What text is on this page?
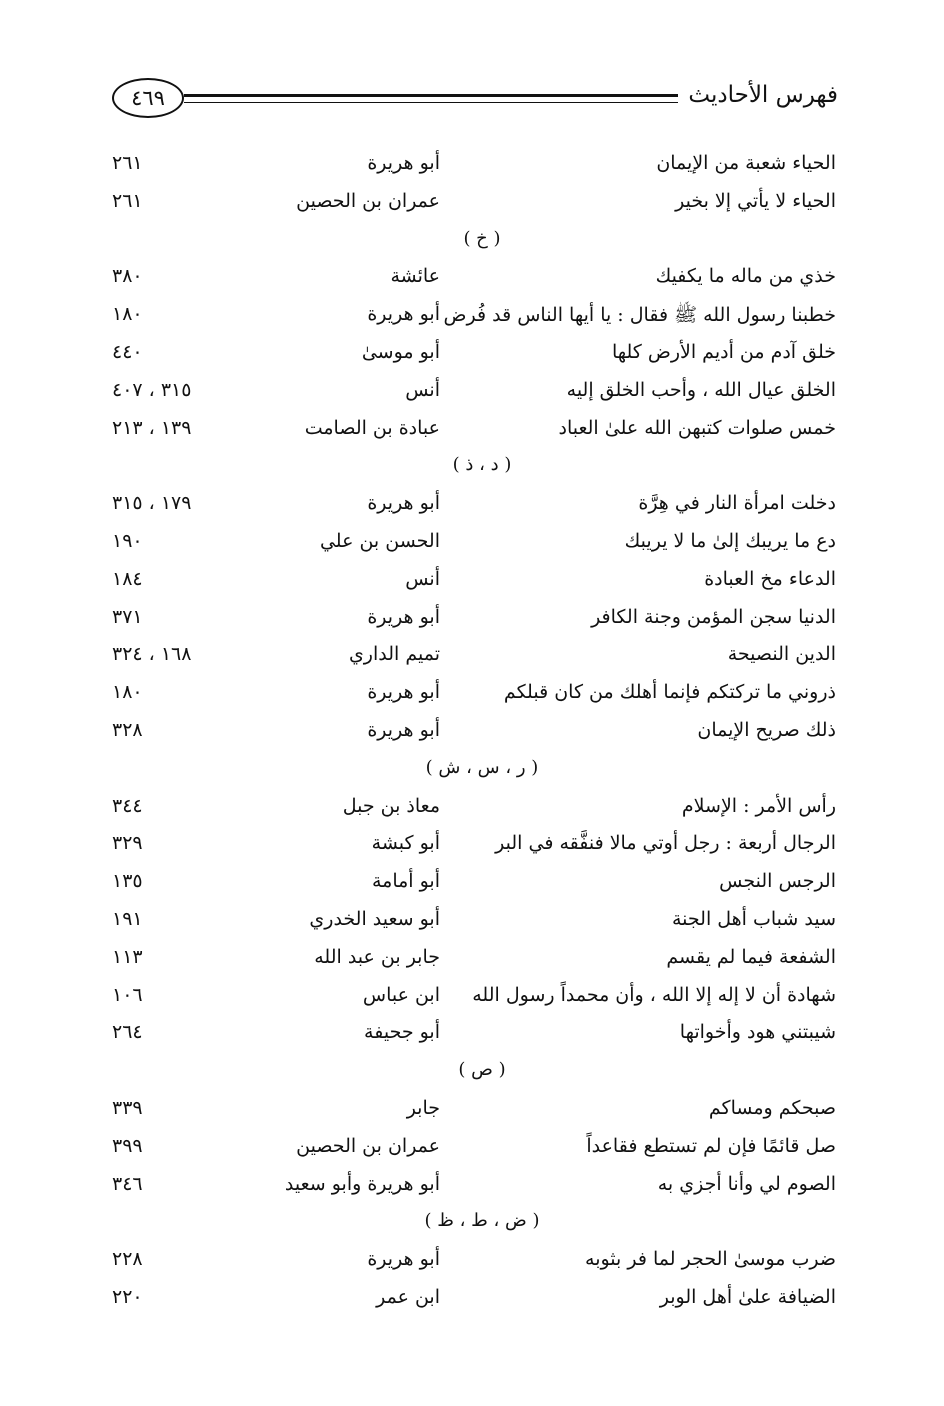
فهرس الأحاديث
٤٦٩
الحياء شعبة من الإيمان
أبو هريرة
٢٦١
الحياء لا يأتي إلا بخير
عمران بن الحصين
٢٦١
( خ )
خذي من ماله ما يكفيك
عائشة
٣٨٠
خطبنا رسول الله ﷺ فقال : يا أيها الناس قد فُرض
أبو هريرة
١٨٠
خلق آدم من أديم الأرض كلها
أبو موسىٰ
٤٤٠
الخلق عيال الله ، وأحب الخلق إليه
أنس
٣١٥ ، ٤٠٧
خمس صلوات كتبهن الله علىٰ العباد
عبادة بن الصامت
١٣٩ ، ٢١٣
( د ، ذ )
دخلت امرأة النار في هِرَّة
أبو هريرة
١٧٩ ، ٣١٥
دع ما يريبك إلىٰ ما لا يريبك
الحسن بن علي
١٩٠
الدعاء مخ العبادة
أنس
١٨٤
الدنيا سجن المؤمن وجنة الكافر
أبو هريرة
٣٧١
الدين النصيحة
تميم الداري
١٦٨ ، ٣٢٤
ذروني ما تركتكم فإنما أهلك من كان قبلكم
أبو هريرة
١٨٠
ذلك صريح الإيمان
أبو هريرة
٣٢٨
( ر ، س ، ش )
رأس الأمر : الإسلام
معاذ بن جبل
٣٤٤
الرجال أربعة : رجل أوتي مالا فنفَّقه في البر
أبو كبشة
٣٢٩
الرجس النجس
أبو أمامة
١٣٥
سيد شباب أهل الجنة
أبو سعيد الخدري
١٩١
الشفعة فيما لم يقسم
جابر بن عبد الله
١١٣
شهادة أن لا إله إلا الله ، وأن محمداً رسول الله
ابن عباس
١٠٦
شيبتني هود وأخواتها
أبو جحيفة
٢٦٤
( ص )
صبحكم ومساكم
جابر
٣٣٩
صل قائمًا فإن لم تستطع فقاعداً
عمران بن الحصين
٣٩٩
الصوم لي وأنا أجزي به
أبو هريرة وأبو سعيد
٣٤٦
( ض ، ط ، ظ )
ضرب موسىٰ الحجر لما فر بثوبه
أبو هريرة
٢٢٨
الضيافة علىٰ أهل الوبر
ابن عمر
٢٢٠
